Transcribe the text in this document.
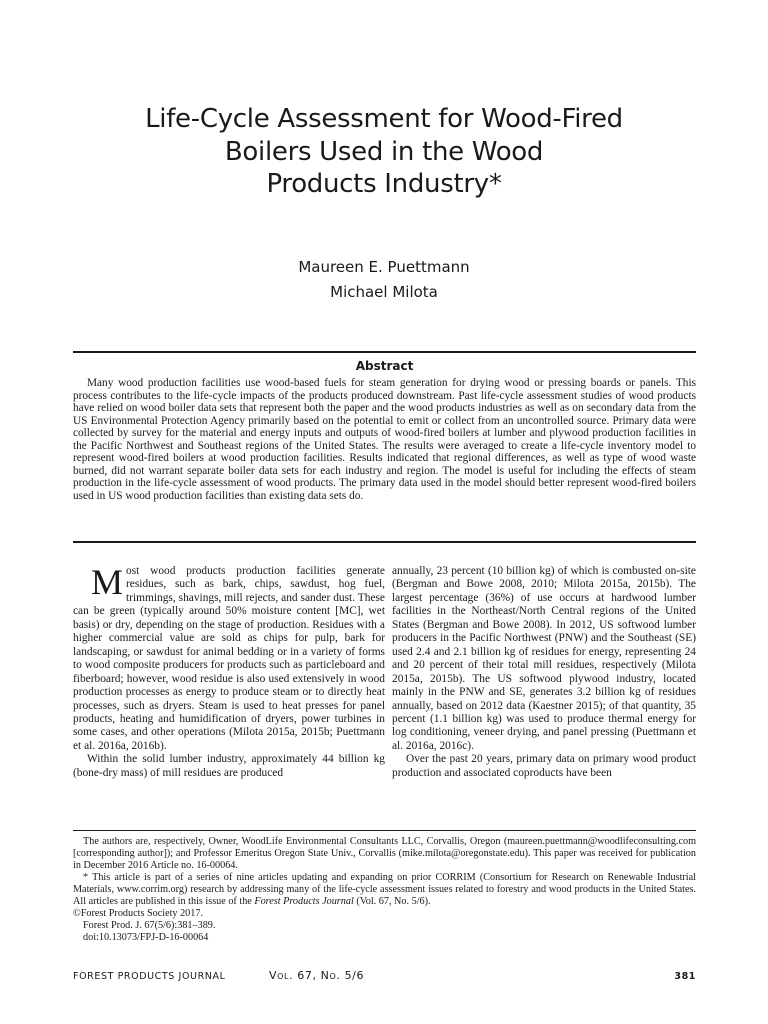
Life-Cycle Assessment for Wood-Fired
Boilers Used in the Wood
Products Industry*
Maureen E. Puettmann
Michael Milota
Abstract

Many wood production facilities use wood-based fuels for steam generation for drying wood or pressing boards or panels. This process contributes to the life-cycle impacts of the products produced downstream. Past life-cycle assessment studies of wood products have relied on wood boiler data sets that represent both the paper and the wood products industries as well as on secondary data from the US Environmental Protection Agency primarily based on the potential to emit or collect from an uncontrolled source. Primary data were collected by survey for the material and energy inputs and outputs of wood-fired boilers at lumber and plywood production facilities in the Pacific Northwest and Southeast regions of the United States. The results were averaged to create a life-cycle inventory model to represent wood-fired boilers at wood production facilities. Results indicated that regional differences, as well as type of wood waste burned, did not warrant separate boiler data sets for each industry and region. The model is useful for including the effects of steam production in the life-cycle assessment of wood products. The primary data used in the model should better represent wood-fired boilers used in US wood production facilities than existing data sets do.

Most wood products production facilities generate residues, such as bark, chips, sawdust, hog fuel, trimmings, shavings, mill rejects, and sander dust. These can be green (typically around 50% moisture content [MC], wet basis) or dry, depending on the stage of production. Residues with a higher commercial value are sold as chips for pulp, bark for landscaping, or sawdust for animal bedding or in a variety of forms to wood composite producers for products such as particleboard and fiberboard; however, wood residue is also used extensively in wood production processes as energy to produce steam or to directly heat processes, such as dryers. Steam is used to heat presses for panel products, heating and humidification of dryers, power turbines in some cases, and other operations (Milota 2015a, 2015b; Puettmann et al. 2016a, 2016b).

Within the solid lumber industry, approximately 44 billion kg (bone-dry mass) of mill residues are produced

annually, 23 percent (10 billion kg) of which is combusted on-site (Bergman and Bowe 2008, 2010; Milota 2015a, 2015b). The largest percentage (36%) of use occurs at hardwood lumber facilities in the Northeast/North Central regions of the United States (Bergman and Bowe 2008). In 2012, US softwood lumber producers in the Pacific Northwest (PNW) and the Southeast (SE) used 2.4 and 2.1 billion kg of residues for energy, representing 24 and 20 percent of their total mill residues, respectively (Milota 2015a, 2015b). The US softwood plywood industry, located mainly in the PNW and SE, generates 3.2 billion kg of residues annually, based on 2012 data (Kaestner 2015); of that quantity, 35 percent (1.1 billion kg) was used to produce thermal energy for log conditioning, veneer drying, and panel pressing (Puettmann et al. 2016a, 2016c).

Over the past 20 years, primary data on primary wood product production and associated coproducts have been

The authors are, respectively, Owner, WoodLife Environmental Consultants LLC, Corvallis, Oregon (maureen.puettmann@woodlifeconsulting.com [corresponding author]); and Professor Emeritus Oregon State Univ., Corvallis (mike.milota@oregonstate.edu). This paper was received for publication in December 2016 Article no. 16-00064.

* This article is part of a series of nine articles updating and expanding on prior CORRIM (Consortium for Research on Renewable Industrial Materials, www.corrim.org) research by addressing many of the life-cycle assessment issues related to forestry and wood products in the United States. All articles are published in this issue of the Forest Products Journal (Vol. 67, No. 5/6).

©Forest Products Society 2017.

Forest Prod. J. 67(5/6):381–389.

doi:10.13073/FPJ-D-16-00064

FOREST PRODUCTS JOURNAL	Vol. 67, No. 5/6	381
